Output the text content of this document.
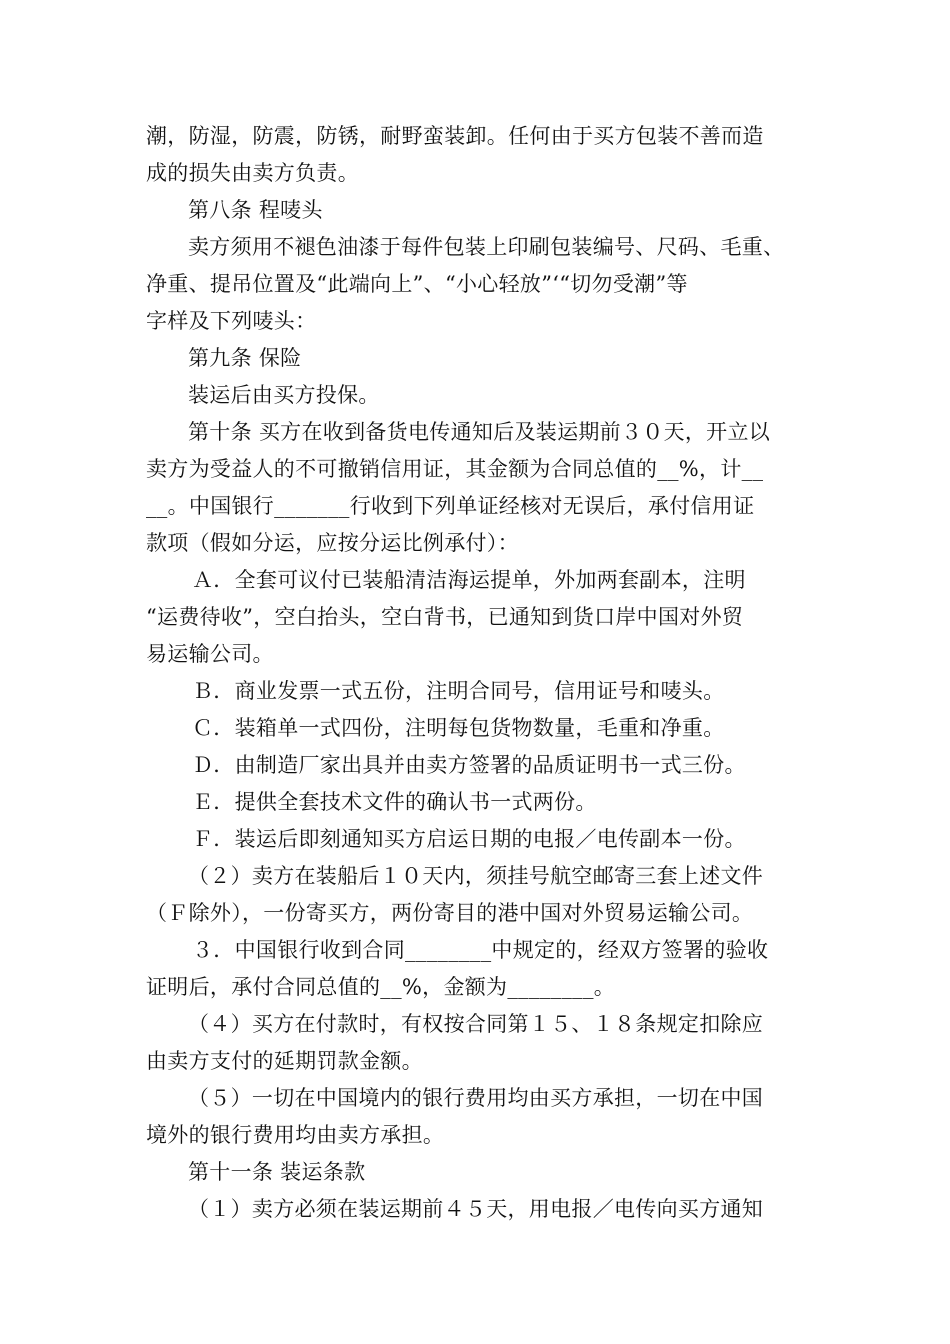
潮，防湿，防震，防锈，耐野蛮装卸。任何由于买方包装不善而造
成的损失由卖方负责。
第八条 程唛头
卖方须用不褪色油漆于每件包装上印刷包装编号、尺码、毛重、
净重、提吊位置及“此端向上”、“小心轻放”‘“切勿受潮”等
字样及下列唛头：
第九条 保险
装运后由买方投保。
第十条 买方在收到备货电传通知后及装运期前３０天，开立以
卖方为受益人的不可撤销信用证，其金额为合同总值的__%，计__
__。中国银行_______行收到下列单证经核对无误后，承付信用证
款项（假如分运，应按分运比例承付）：
Ａ．全套可议付已装船清洁海运提单，外加两套副本，注明
“运费待收”，空白抬头，空白背书，已通知到货口岸中国对外贸
易运输公司。
Ｂ．商业发票一式五份，注明合同号，信用证号和唛头。
Ｃ．装箱单一式四份，注明每包货物数量，毛重和净重。
Ｄ．由制造厂家出具并由卖方签署的品质证明书一式三份。
Ｅ．提供全套技术文件的确认书一式两份。
Ｆ．装运后即刻通知买方启运日期的电报／电传副本一份。
（２）卖方在装船后１０天内，须挂号航空邮寄三套上述文件
（Ｆ除外），一份寄买方，两份寄目的港中国对外贸易运输公司。
３．中国银行收到合同________中规定的，经双方签署的验收
证明后，承付合同总值的__%，金额为________。
（４）买方在付款时，有权按合同第１５、１８条规定扣除应
由卖方支付的延期罚款金额。
（５）一切在中国境内的银行费用均由买方承担，一切在中国
境外的银行费用均由卖方承担。
第十一条 装运条款
（１）卖方必须在装运期前４５天，用电报／电传向买方通知
